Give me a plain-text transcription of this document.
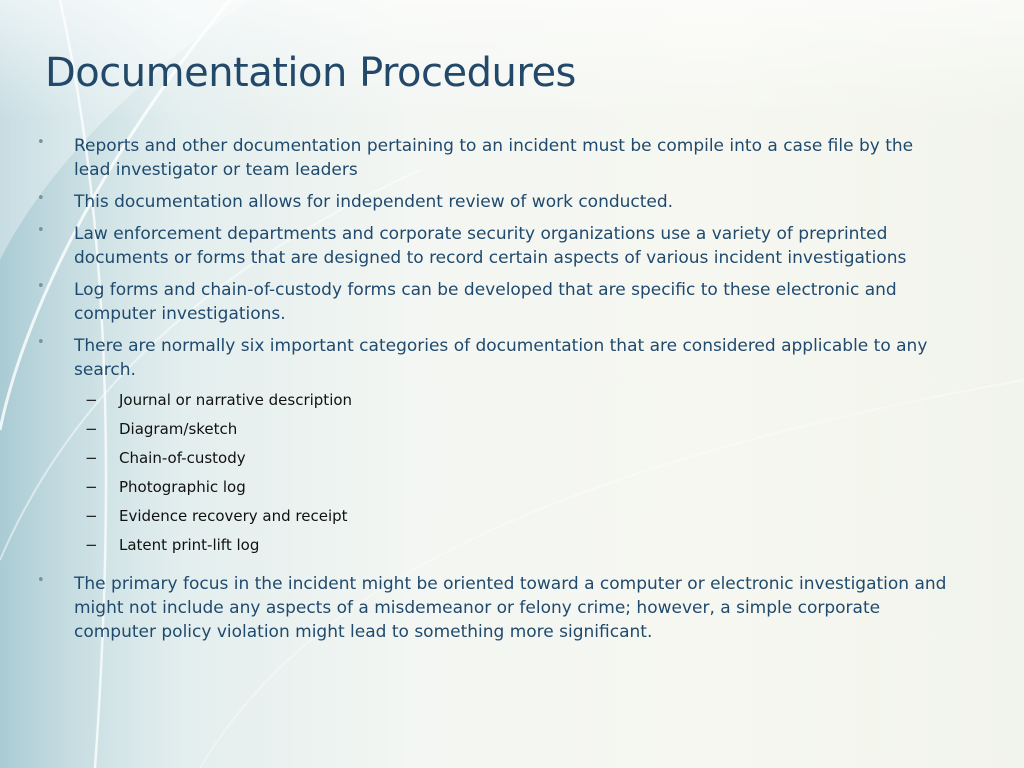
Documentation Procedures
• Reports and other documentation pertaining to an incident must be compile into a case file by the lead investigator or team leaders
• This documentation allows for independent review of work conducted.
• Law enforcement departments and corporate security organizations use a variety of preprinted documents or forms that are designed to record certain aspects of various incident investigations
• Log forms and chain-of-custody forms can be developed that are specific to these electronic and computer investigations.
• There are normally six important categories of documentation that are considered applicable to any search.
− Journal or narrative description
− Diagram/sketch
− Chain-of-custody
− Photographic log
− Evidence recovery and receipt
− Latent print-lift log
• The primary focus in the incident might be oriented toward a computer or electronic investigation and might not include any aspects of a misdemeanor or felony crime; however, a simple corporate computer policy violation might lead to something more significant.
